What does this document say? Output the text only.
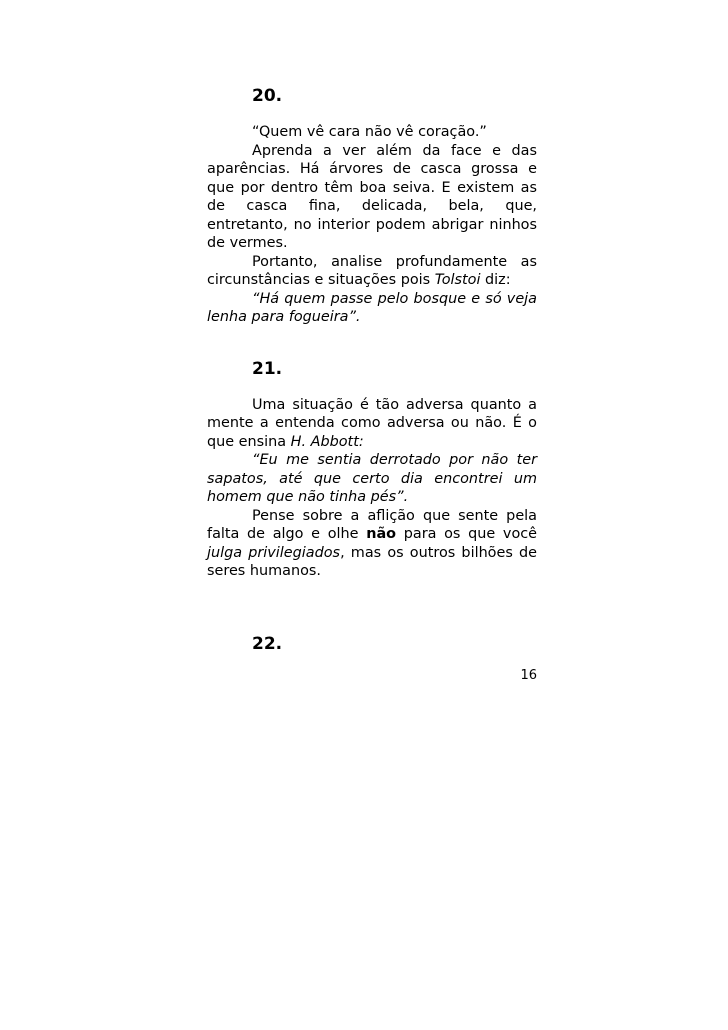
20.

“Quem vê cara não vê coração.”

Aprenda a ver além da face e das aparências. Há árvores de casca grossa e que por dentro têm boa seiva. E existem as de casca fina, delicada, bela, que, entretanto, no interior podem abrigar ninhos de vermes.

Portanto, analise profundamente as circunstâncias e situações pois Tolstoi diz:

“Há quem passe pelo bosque e só veja lenha para fogueira”.

21.

Uma situação é tão adversa quanto a mente a entenda como adversa ou não. É o que ensina H. Abbott:

“Eu me sentia derrotado por não ter sapatos, até que certo dia encontrei um homem que não tinha pés”.

Pense sobre a aflição que sente pela falta de algo e olhe não para os que você julga privilegiados, mas os outros bilhões de seres humanos.

22.
16
